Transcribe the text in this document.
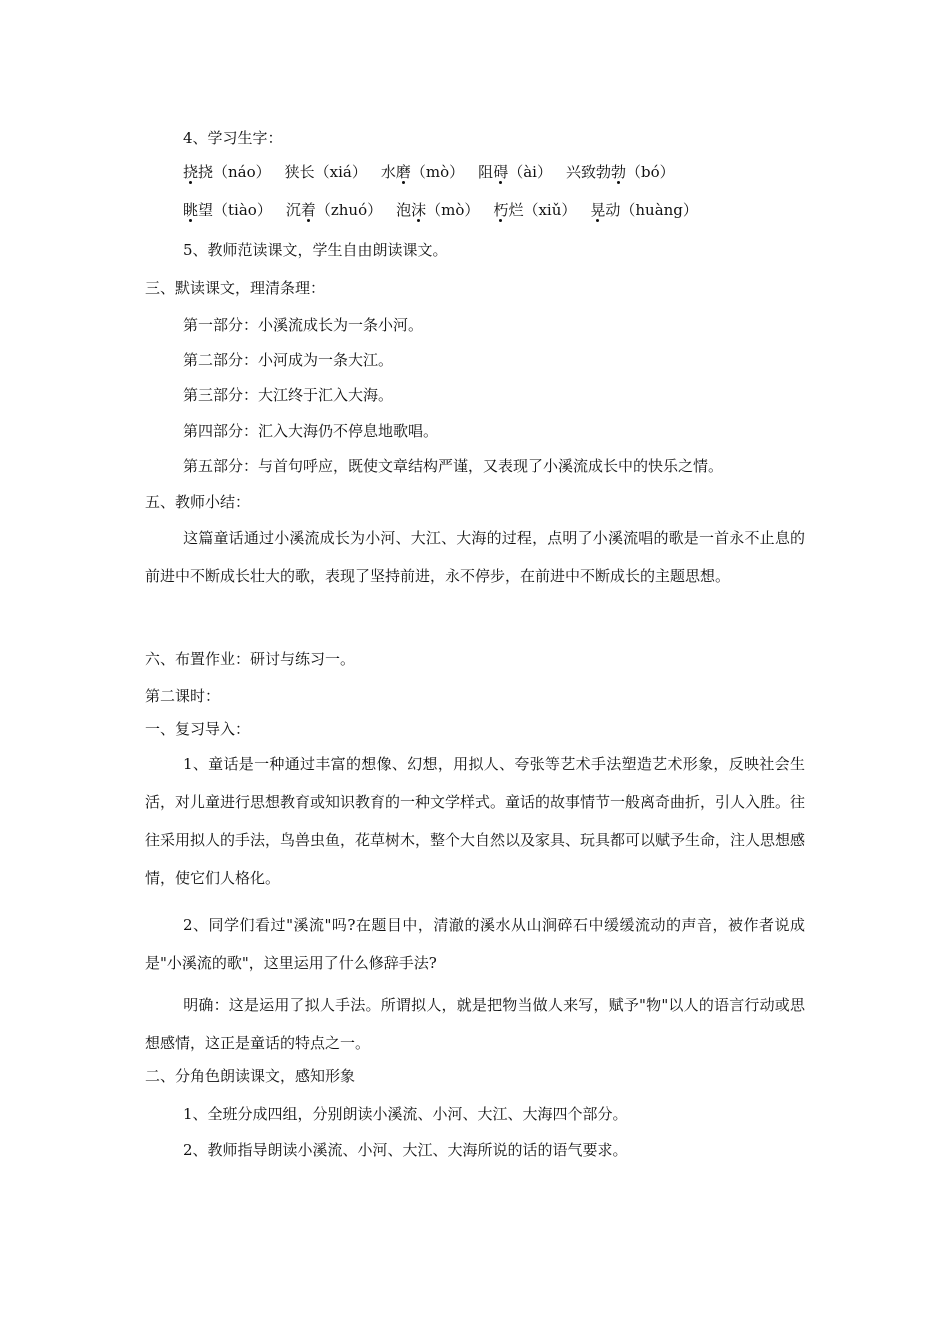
4、学习生字：
挠挠（náo） 狭长（xiá） 水磨（mò） 阻碍（ài） 兴致勃勃（bó）
眺望（tiào） 沉着（zhuó） 泡沫（mò） 朽烂（xiǔ） 晃动（huàng）
5、教师范读课文，学生自由朗读课文。
三、默读课文，理清条理：
第一部分：小溪流成长为一条小河。
第二部分：小河成为一条大江。
第三部分：大江终于汇入大海。
第四部分：汇入大海仍不停息地歌唱。
第五部分：与首句呼应，既使文章结构严谨，又表现了小溪流成长中的快乐之情。
五、教师小结：
这篇童话通过小溪流成长为小河、大江、大海的过程，点明了小溪流唱的歌是一首永不止息的前进中不断成长壮大的歌，表现了坚持前进，永不停步，在前进中不断成长的主题思想。
六、布置作业：研讨与练习一。
第二课时：
一、复习导入：
1、童话是一种通过丰富的想像、幻想，用拟人、夸张等艺术手法塑造艺术形象，反映社会生活，对儿童进行思想教育或知识教育的一种文学样式。童话的故事情节一般离奇曲折，引人入胜。往往采用拟人的手法，鸟兽虫鱼，花草树木，整个大自然以及家具、玩具都可以赋予生命，注人思想感情，使它们人格化。
2、同学们看过"溪流"吗?在题目中，清澈的溪水从山涧碎石中缓缓流动的声音，被作者说成是"小溪流的歌"，这里运用了什么修辞手法?
明确：这是运用了拟人手法。所谓拟人，就是把物当做人来写，赋予"物"以人的语言行动或思想感情，这正是童话的特点之一。
二、分角色朗读课文，感知形象
1、全班分成四组，分别朗读小溪流、小河、大江、大海四个部分。
2、教师指导朗读小溪流、小河、大江、大海所说的话的语气要求。
